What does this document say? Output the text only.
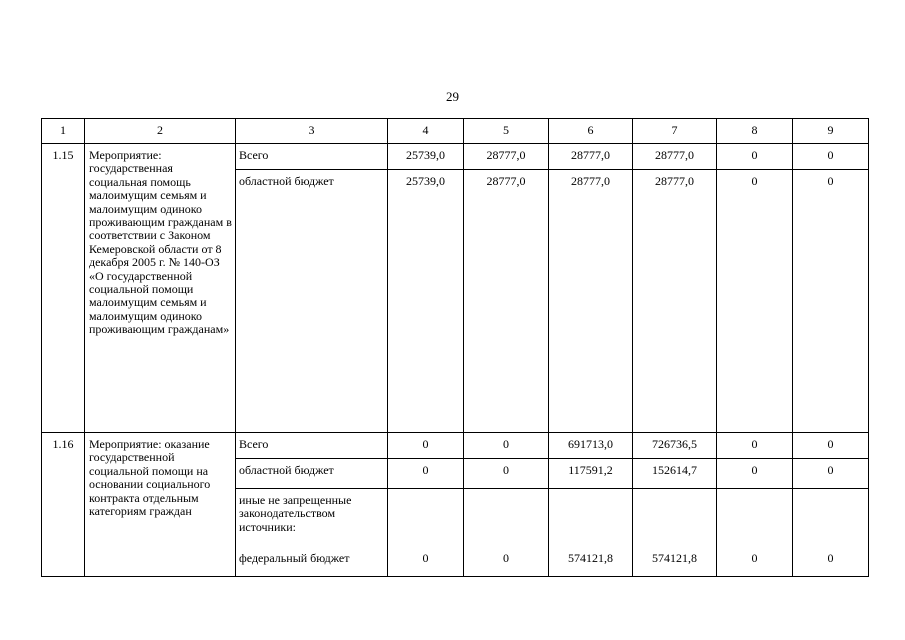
29
1	2	3	4	5	6	7	8	9
1.15	Мероприятие: государственная социальная помощь малоимущим семьям и малоимущим одиноко проживающим гражданам в соответствии с Законом Кемеровской области от 8 декабря 2005 г. № 140-ОЗ «О государственной социальной помощи малоимущим семьям и малоимущим одиноко проживающим гражданам»	Всего	25739,0	28777,0	28777,0	28777,0	0	0
		областной бюджет	25739,0	28777,0	28777,0	28777,0	0	0
1.16	Мероприятие: оказание государственной социальной помощи на основании социального контракта отдельным категориям граждан	Всего	0	0	691713,0	726736,5	0	0
		областной бюджет	0	0	117591,2	152614,7	0	0
		иные не запрещенные законодательством источники:						
		федеральный бюджет	0	0	574121,8	574121,8	0	0
